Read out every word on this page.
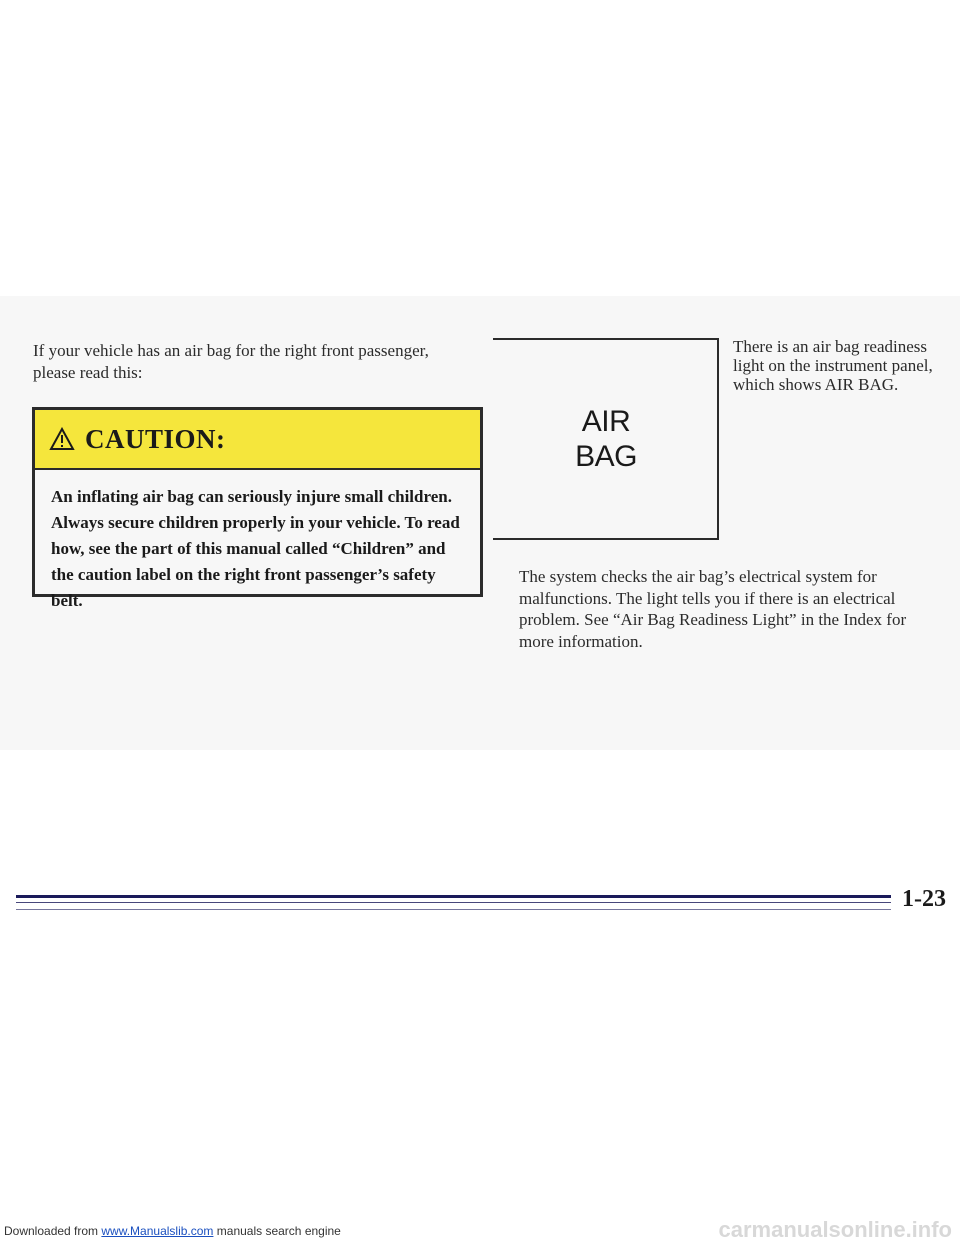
If your vehicle has an air bag for the right front passenger, please read this:
CAUTION:
An inflating air bag can seriously injure small children. Always secure children properly in your vehicle. To read how, see the part of this manual called “Children” and the caution label on the right front passenger’s safety belt.
AIR
BAG
There is an air bag readiness light on the instrument panel, which shows AIR BAG.
The system checks the air bag’s electrical system for malfunctions. The light tells you if there is an electrical problem. See “Air Bag Readiness Light” in the Index for more information.
1-23
Downloaded from www.Manualslib.com manuals search engine	carmanualsonline.info
